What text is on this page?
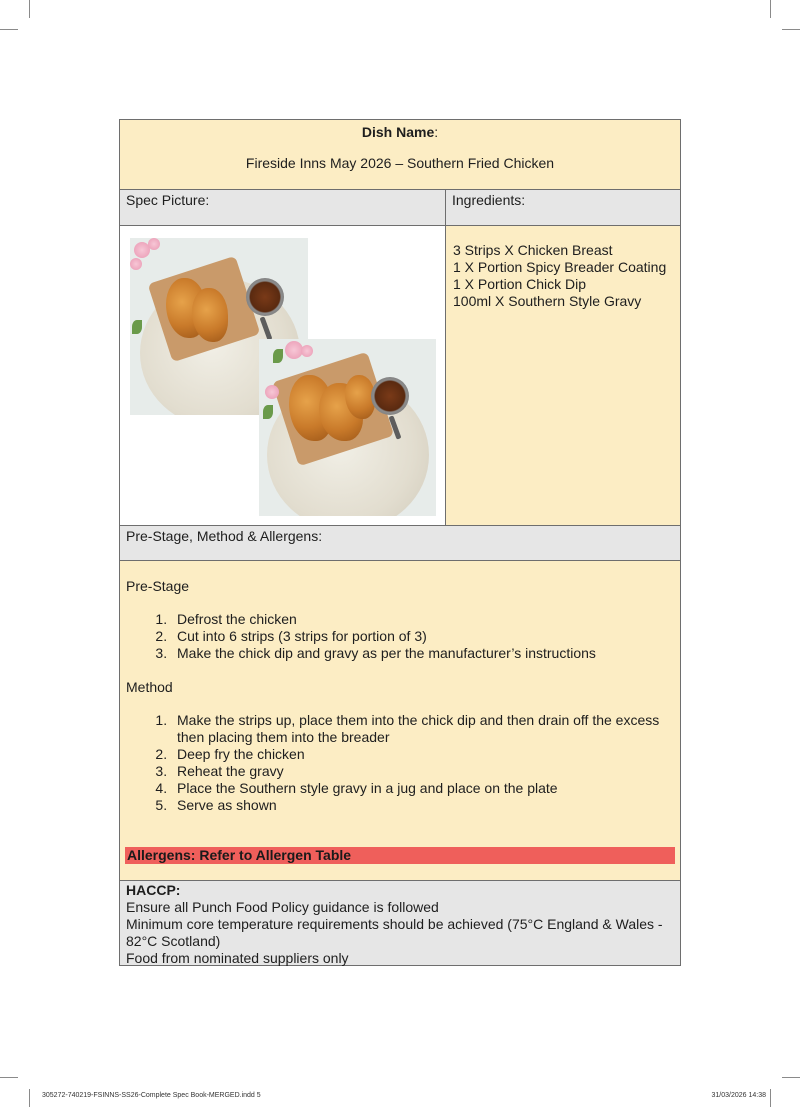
Dish Name:
Fireside Inns May 2026 – Southern Fried Chicken
Spec Picture:	Ingredients:
3 Strips X Chicken Breast
1 X Portion Spicy Breader Coating
1 X Portion Chick Dip
100ml X Southern Style Gravy
Pre-Stage, Method & Allergens:
Pre-Stage
1. Defrost the chicken
2. Cut into 6 strips (3 strips for portion of 3)
3. Make the chick dip and gravy as per the manufacturer’s instructions
Method
1. Make the strips up, place them into the chick dip and then drain off the excess then placing them into the breader
2. Deep fry the chicken
3. Reheat the gravy
4. Place the Southern style gravy in a jug and place on the plate
5. Serve as shown
Allergens: Refer to Allergen Table
HACCP:
Ensure all Punch Food Policy guidance is followed
Minimum core temperature requirements should be achieved (75°C England & Wales - 82°C Scotland)
Food from nominated suppliers only
305272-740219-FSINNS-SS26-Complete Spec Book-MERGED.indd 5	31/03/2026 14:38
